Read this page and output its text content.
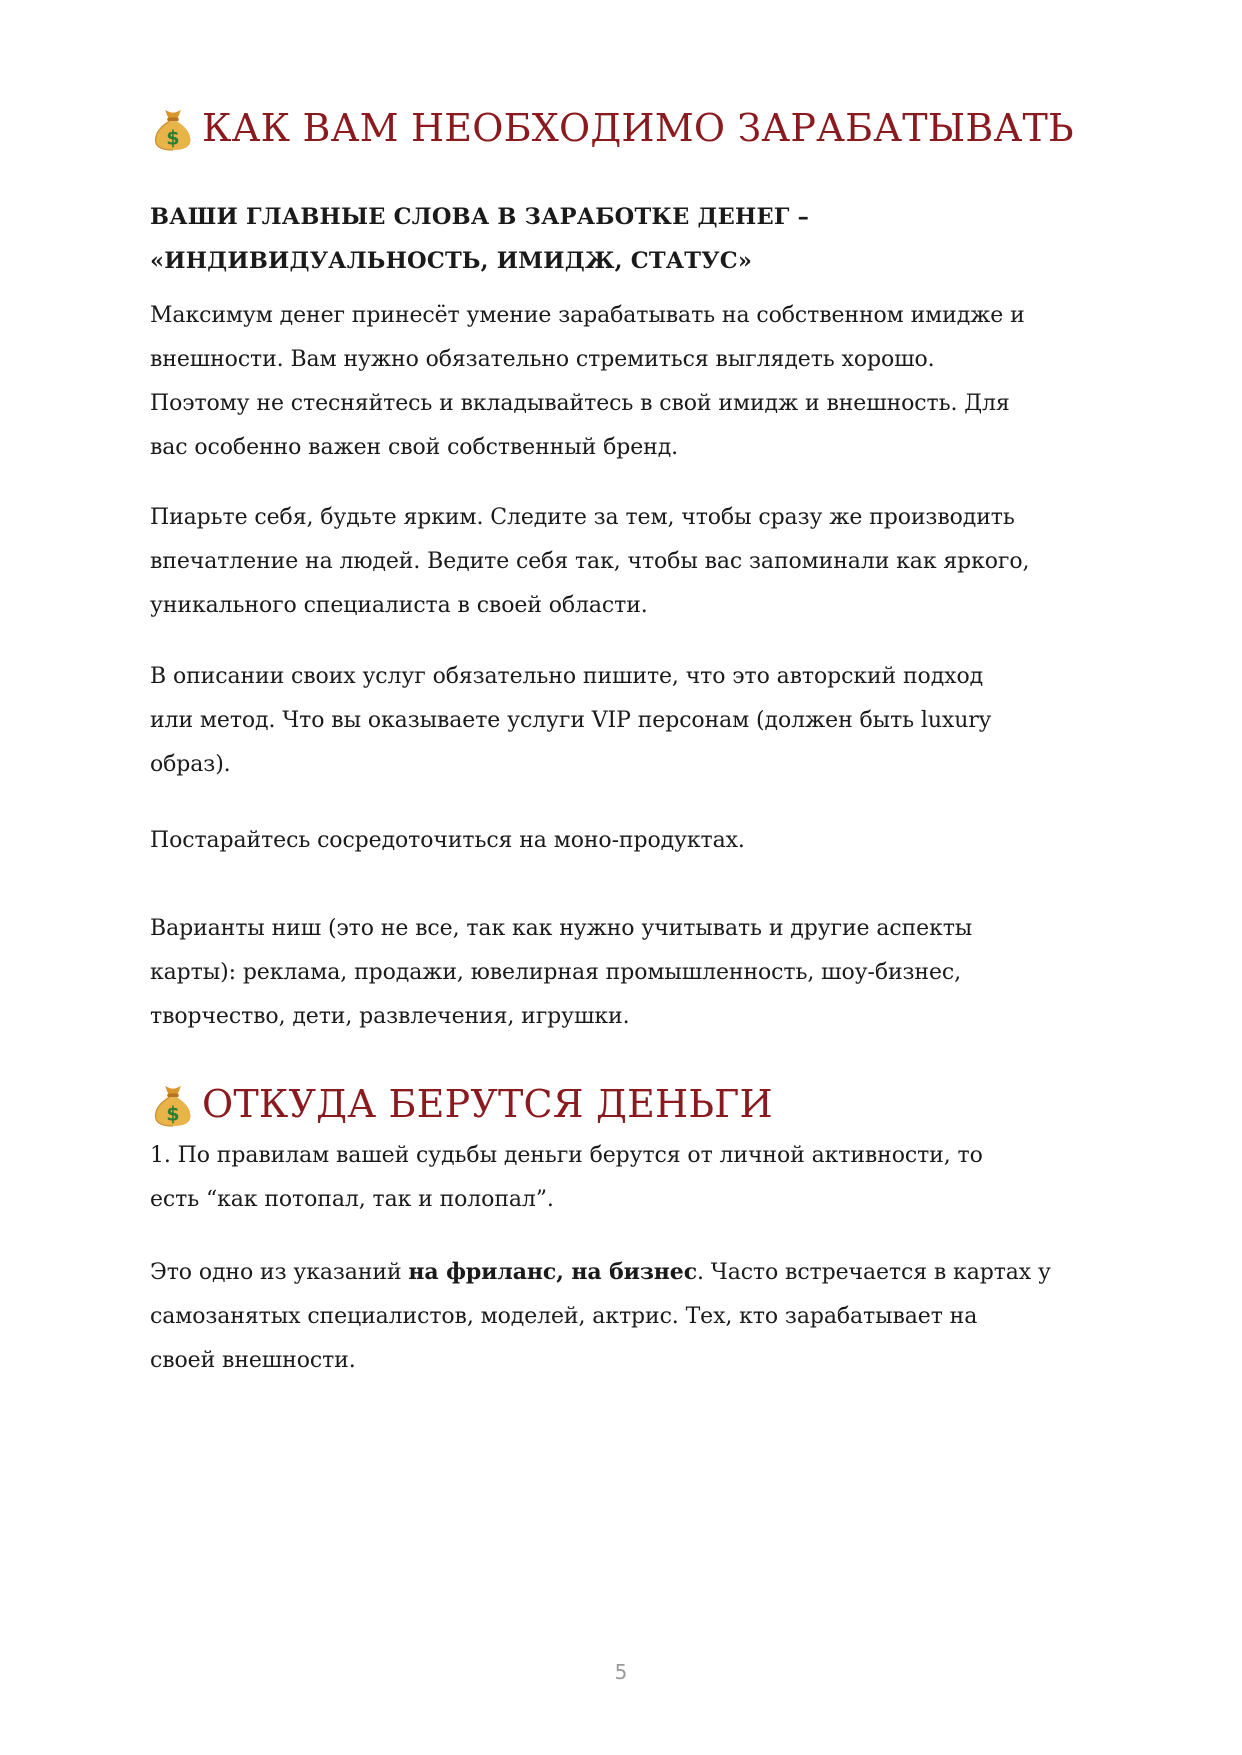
$ КАК ВАМ НЕОБХОДИМО ЗАРАБАТЫВАТЬ
ВАШИ ГЛАВНЫЕ СЛОВА В ЗАРАБОТКЕ ДЕНЕГ –
«ИНДИВИДУАЛЬНОСТЬ, ИМИДЖ, СТАТУС»
Максимум денег принесёт умение зарабатывать на собственном имидже и
внешности. Вам нужно обязательно стремиться выглядеть хорошо.
Поэтому не стесняйтесь и вкладывайтесь в свой имидж и внешность. Для
вас особенно важен свой собственный бренд.
Пиарьте себя, будьте ярким. Следите за тем, чтобы сразу же производить
впечатление на людей. Ведите себя так, чтобы вас запоминали как яркого,
уникального специалиста в своей области.
В описании своих услуг обязательно пишите, что это авторский подход
или метод. Что вы оказываете услуги VIP персонам (должен быть luxury
образ).
Постарайтесь сосредоточиться на моно-продуктах.
Варианты ниш (это не все, так как нужно учитывать и другие аспекты
карты): реклама, продажи, ювелирная промышленность, шоу-бизнес,
творчество, дети, развлечения, игрушки.
$ ОТКУДА БЕРУТСЯ ДЕНЬГИ
1. По правилам вашей судьбы деньги берутся от личной активности, то
есть “как потопал, так и полопал”.
Это одно из указаний на фриланс, на бизнес. Часто встречается в картах у
самозанятых специалистов, моделей, актрис. Тех, кто зарабатывает на
своей внешности.
5
